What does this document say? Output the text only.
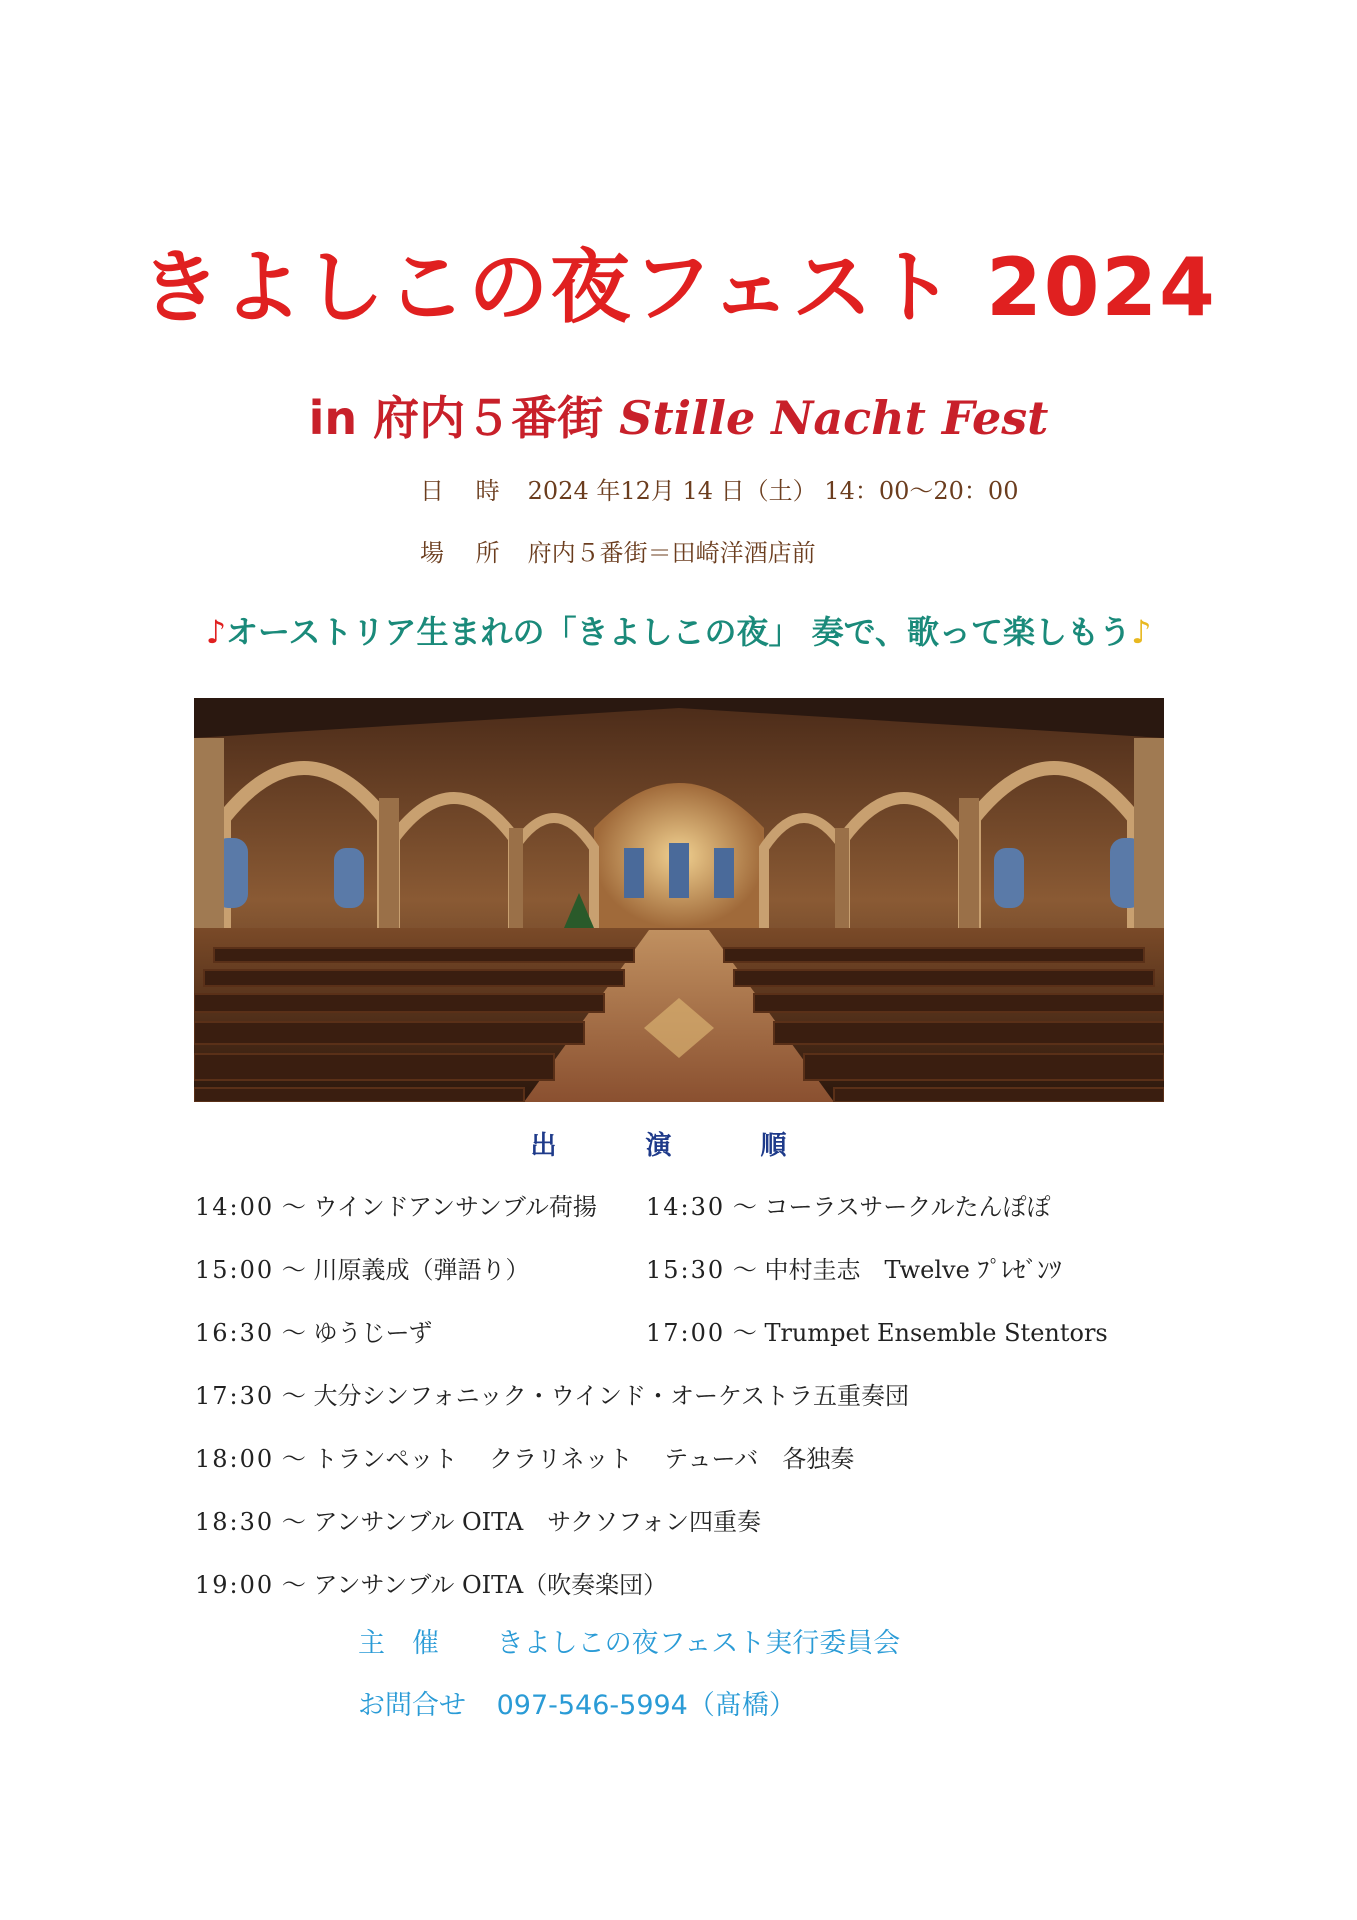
きよしこの夜フェスト 2024
in 府内５番街 Stille Nacht Fest
日 時 2024 年12月 14 日（土） 14：00～20：00
場 所 府内５番街＝田崎洋酒店前
♪オーストリア生まれの「きよしこの夜」 奏で、歌って楽しもう♪
出 演 順
14:00 ～ ウインドアンサンブル荷揚 14:30 ～ コーラスサークルたんぽぽ
15:00 ～ 川原義成（弾語り）	15:30 ～ 中村圭志　Twelve ﾌﾟﾚｾﾞﾝﾂ
16:30 ～ ゆうじーず	17:00 ～ Trumpet Ensemble Stentors
17:30 ～ 大分シンフォニック・ウインド・オーケストラ五重奏団
18:00 ～ トランペット　 クラリネット　 テューバ　各独奏
18:30 ～ アンサンブル OITA　サクソフォン四重奏
19:00 ～ アンサンブル OITA（吹奏楽団）
主　催 きよしこの夜フェスト実行委員会
お問合せ 097-546-5994（髙橋）
